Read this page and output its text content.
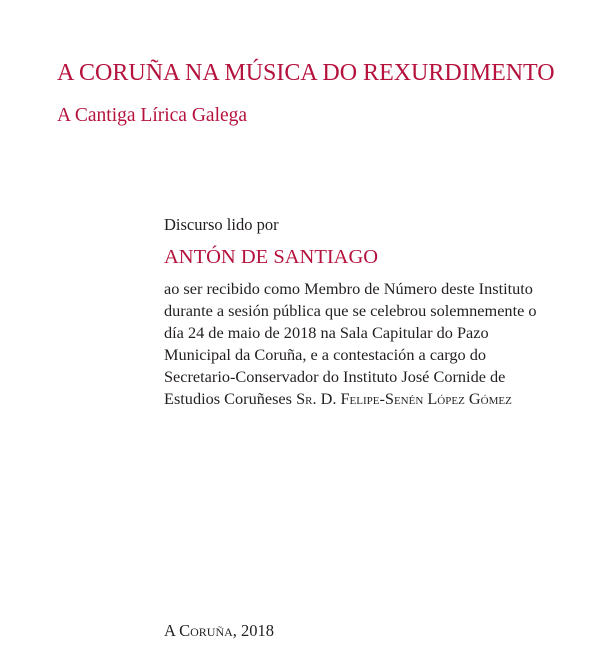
A CORUÑA NA MÚSICA DO REXURDIMENTO
A Cantiga Lírica Galega
Discurso lido por
ANTÓN DE SANTIAGO
ao ser recibido como Membro de Número deste Instituto
durante a sesión pública que se celebrou solemnemente o
día 24 de maio de 2018 na Sala Capitular do Pazo
Municipal da Coruña, e a contestación a cargo do
Secretario-Conservador do Instituto José Cornide de
Estudios Coruñeses Sr. D. Felipe-Senén López Gómez
A Coruña, 2018
